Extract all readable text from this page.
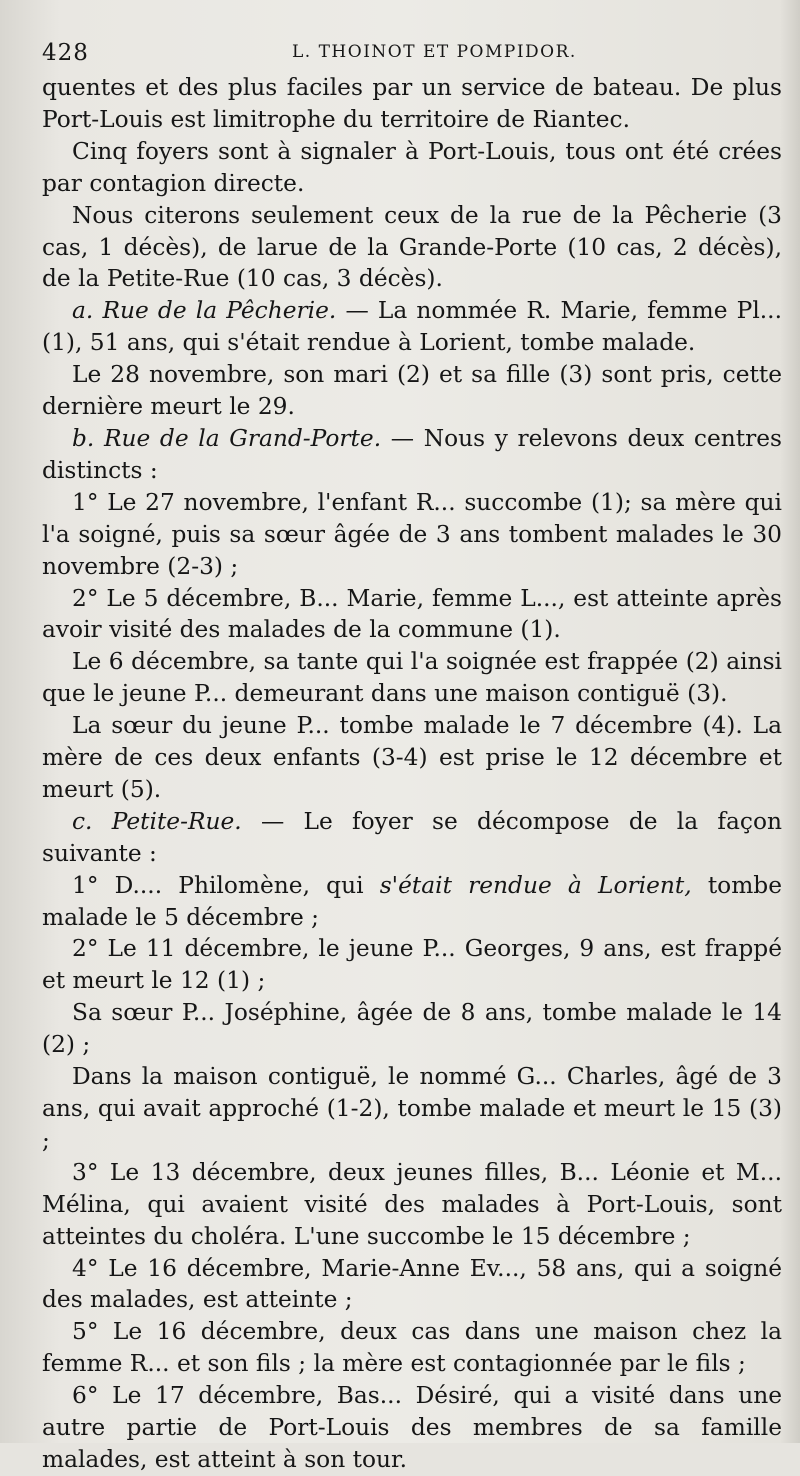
428	L. THOINOT ET POMPIDOR.

quentes et des plus faciles par un service de bateau. De plus Port-Louis est limitrophe du territoire de Riantec.

Cinq foyers sont à signaler à Port-Louis, tous ont été crées par contagion directe.

Nous citerons seulement ceux de la rue de la Pêcherie (3 cas, 1 décès), de larue de la Grande-Porte (10 cas, 2 décès), de la Petite-Rue (10 cas, 3 décès).

a. Rue de la Pêcherie. — La nommée R. Marie, femme Pl... (1), 51 ans, qui s'était rendue à Lorient, tombe malade.

Le 28 novembre, son mari (2) et sa fille (3) sont pris, cette dernière meurt le 29.

b. Rue de la Grand-Porte. — Nous y relevons deux centres distincts :

1° Le 27 novembre, l'enfant R... succombe (1); sa mère qui l'a soigné, puis sa sœur âgée de 3 ans tombent malades le 30 novembre (2-3) ;

2° Le 5 décembre, B... Marie, femme L..., est atteinte après avoir visité des malades de la commune (1).

Le 6 décembre, sa tante qui l'a soignée est frappée (2) ainsi que le jeune P... demeurant dans une maison contiguë (3).

La sœur du jeune P... tombe malade le 7 décembre (4). La mère de ces deux enfants (3-4) est prise le 12 décembre et meurt (5).

c. Petite-Rue. — Le foyer se décompose de la façon suivante :

1° D.... Philomène, qui s'était rendue à Lorient, tombe malade le 5 décembre ;

2° Le 11 décembre, le jeune P... Georges, 9 ans, est frappé et meurt le 12 (1) ;

Sa sœur P... Joséphine, âgée de 8 ans, tombe malade le 14 (2) ;

Dans la maison contiguë, le nommé G... Charles, âgé de 3 ans, qui avait approché (1-2), tombe malade et meurt le 15 (3) ;

3° Le 13 décembre, deux jeunes filles, B... Léonie et M... Mélina, qui avaient visité des malades à Port-Louis, sont atteintes du choléra. L'une succombe le 15 décembre ;

4° Le 16 décembre, Marie-Anne Ev..., 58 ans, qui a soigné des malades, est atteinte ;

5° Le 16 décembre, deux cas dans une maison chez la femme R... et son fils ; la mère est contagionnée par le fils ;

6° Le 17 décembre, Bas... Désiré, qui a visité dans une autre partie de Port-Louis des membres de sa famille malades, est atteint à son tour.
